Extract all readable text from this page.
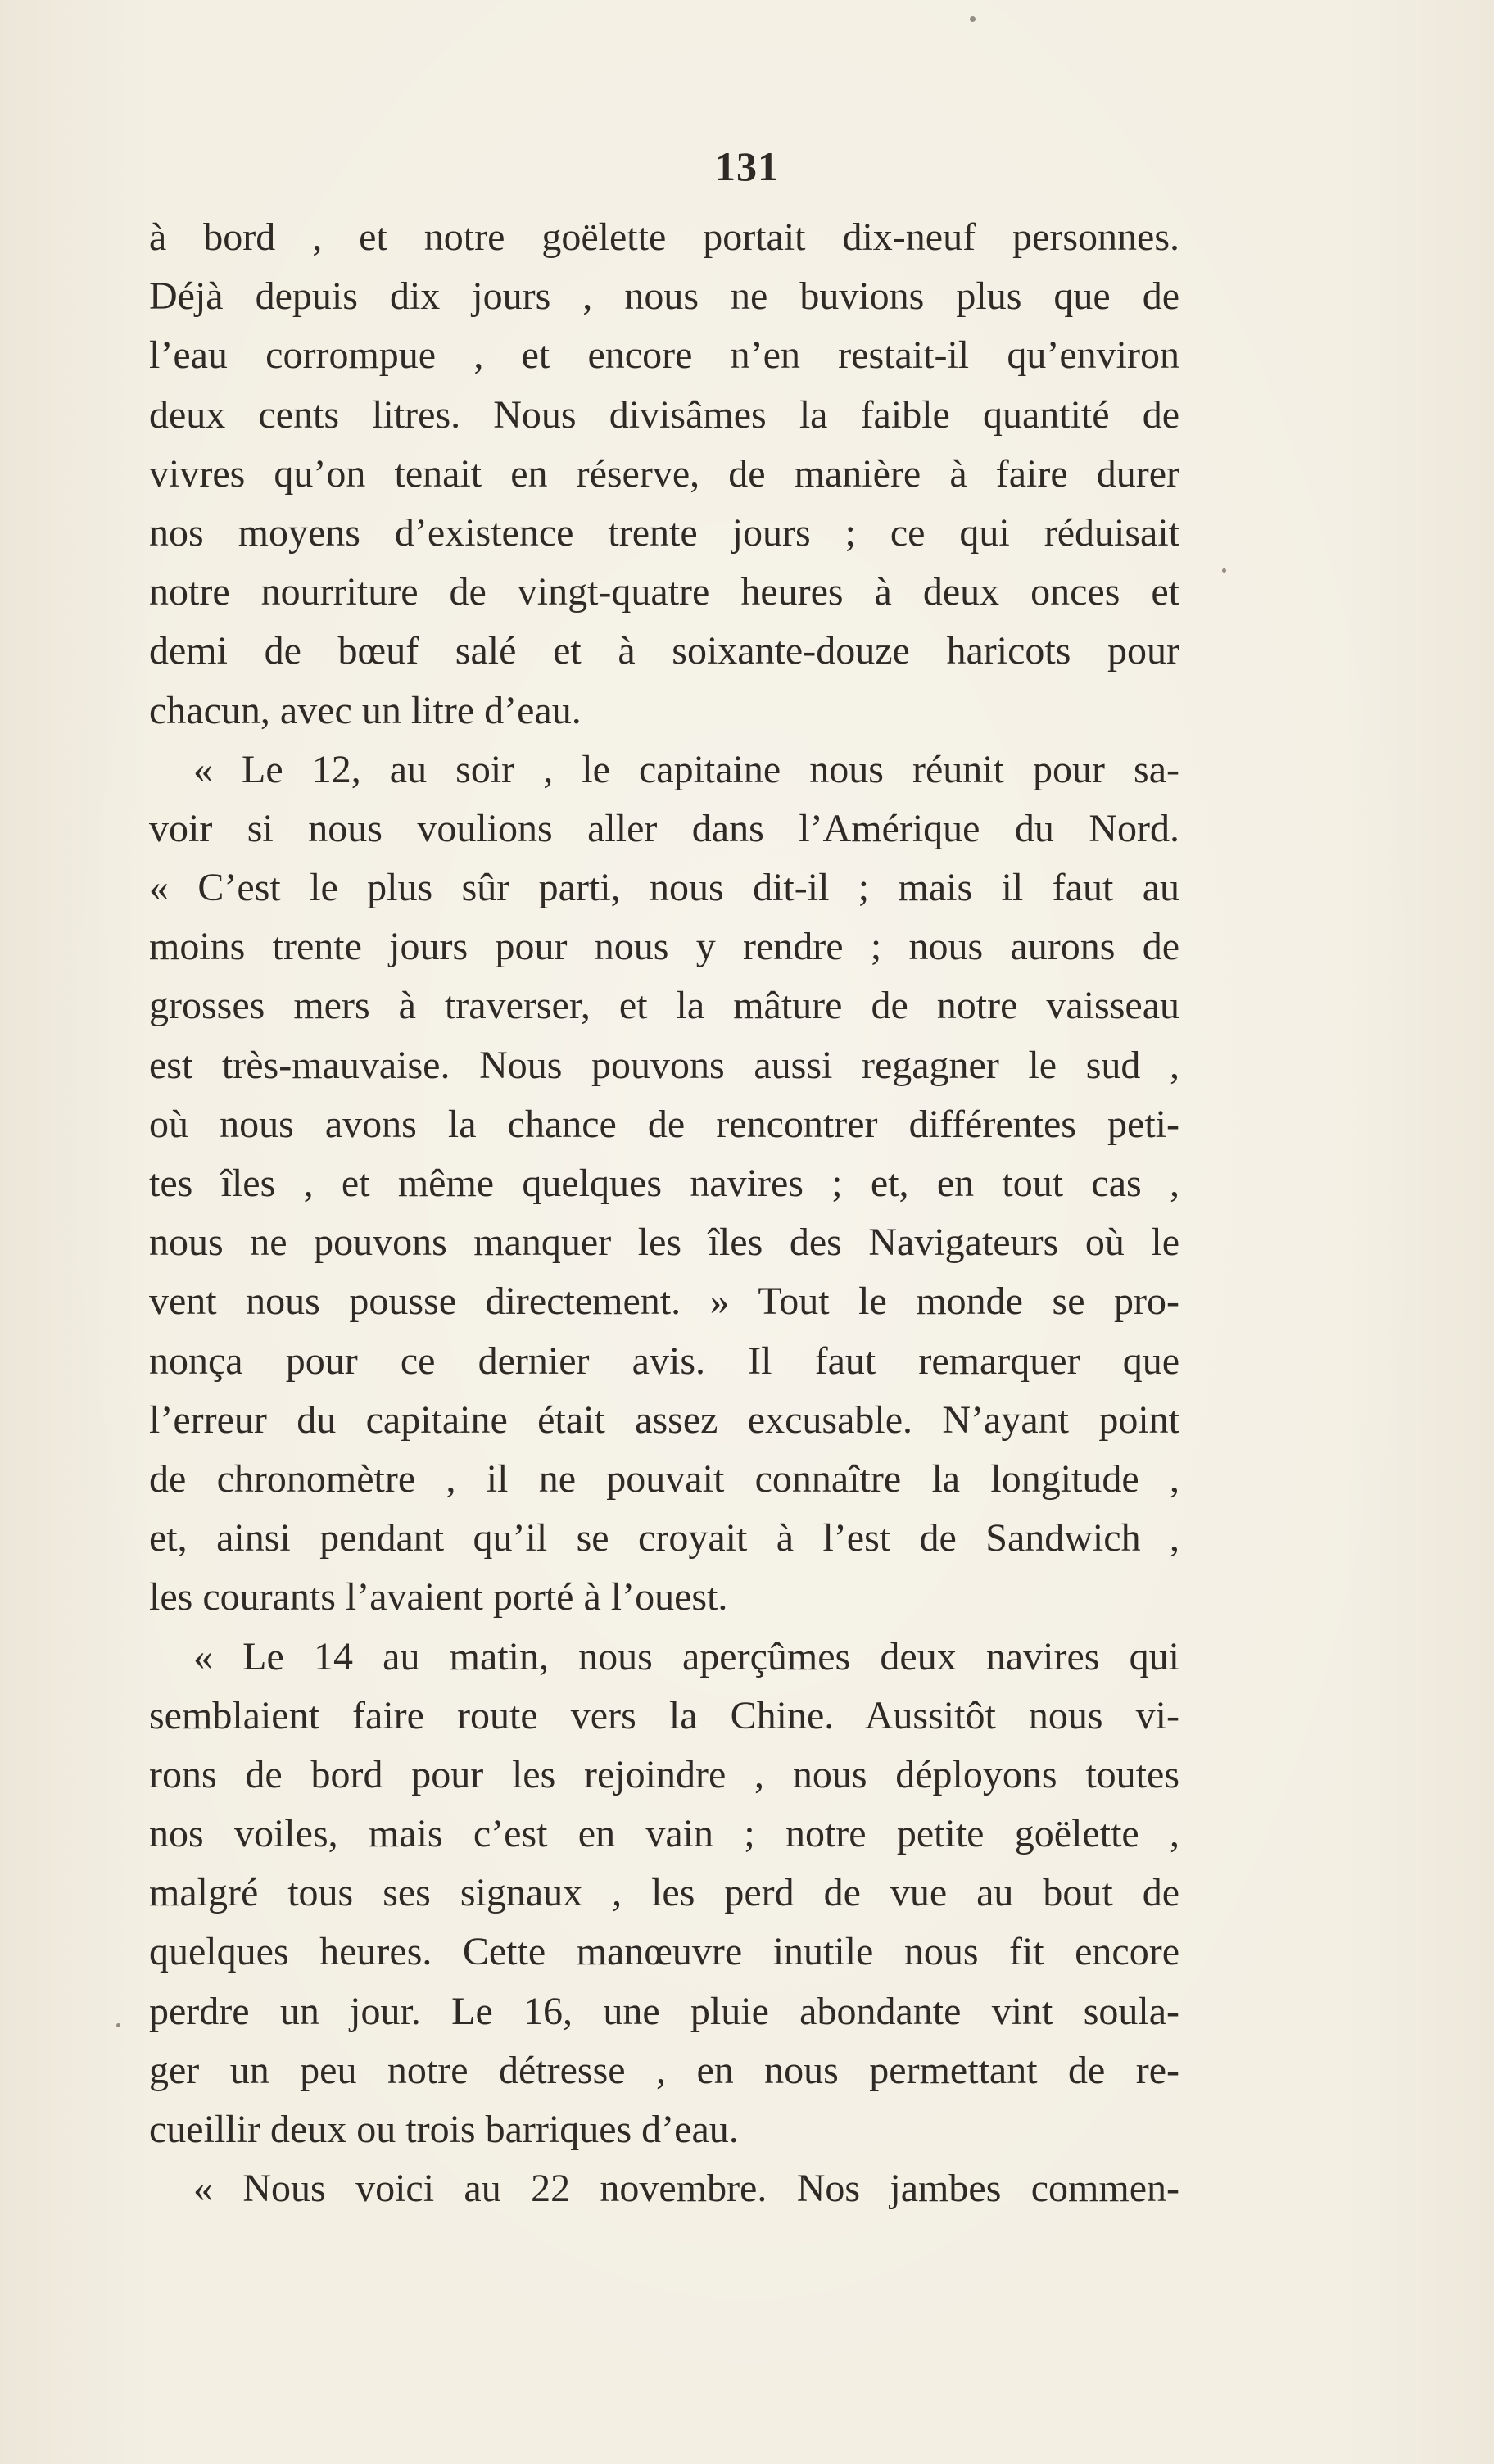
131
à bord , et notre goëlette portait dix-neuf personnes.
Déjà depuis dix jours , nous ne buvions plus que de
l’eau corrompue , et encore n’en restait-il qu’environ
deux cents litres. Nous divisâmes la faible quantité de
vivres qu’on tenait en réserve, de manière à faire durer
nos moyens d’existence trente jours ; ce qui réduisait
notre nourriture de vingt-quatre heures à deux onces et
demi de bœuf salé et à soixante-douze haricots pour
chacun, avec un litre d’eau.
« Le 12, au soir , le capitaine nous réunit pour sa-
voir si nous voulions aller dans l’Amérique du Nord.
« C’est le plus sûr parti, nous dit-il ; mais il faut au
moins trente jours pour nous y rendre ; nous aurons de
grosses mers à traverser, et la mâture de notre vaisseau
est très-mauvaise. Nous pouvons aussi regagner le sud ,
où nous avons la chance de rencontrer différentes peti-
tes îles , et même quelques navires ; et, en tout cas ,
nous ne pouvons manquer les îles des Navigateurs où le
vent nous pousse directement. » Tout le monde se pro-
nonça pour ce dernier avis. Il faut remarquer que
l’erreur du capitaine était assez excusable. N’ayant point
de chronomètre , il ne pouvait connaître la longitude ,
et, ainsi pendant qu’il se croyait à l’est de Sandwich ,
les courants l’avaient porté à l’ouest.
« Le 14 au matin, nous aperçûmes deux navires qui
semblaient faire route vers la Chine. Aussitôt nous vi-
rons de bord pour les rejoindre , nous déployons toutes
nos voiles, mais c’est en vain ; notre petite goëlette ,
malgré tous ses signaux , les perd de vue au bout de
quelques heures. Cette manœuvre inutile nous fit encore
perdre un jour. Le 16, une pluie abondante vint soula-
ger un peu notre détresse , en nous permettant de re-
cueillir deux ou trois barriques d’eau.
« Nous voici au 22 novembre. Nos jambes commen-
